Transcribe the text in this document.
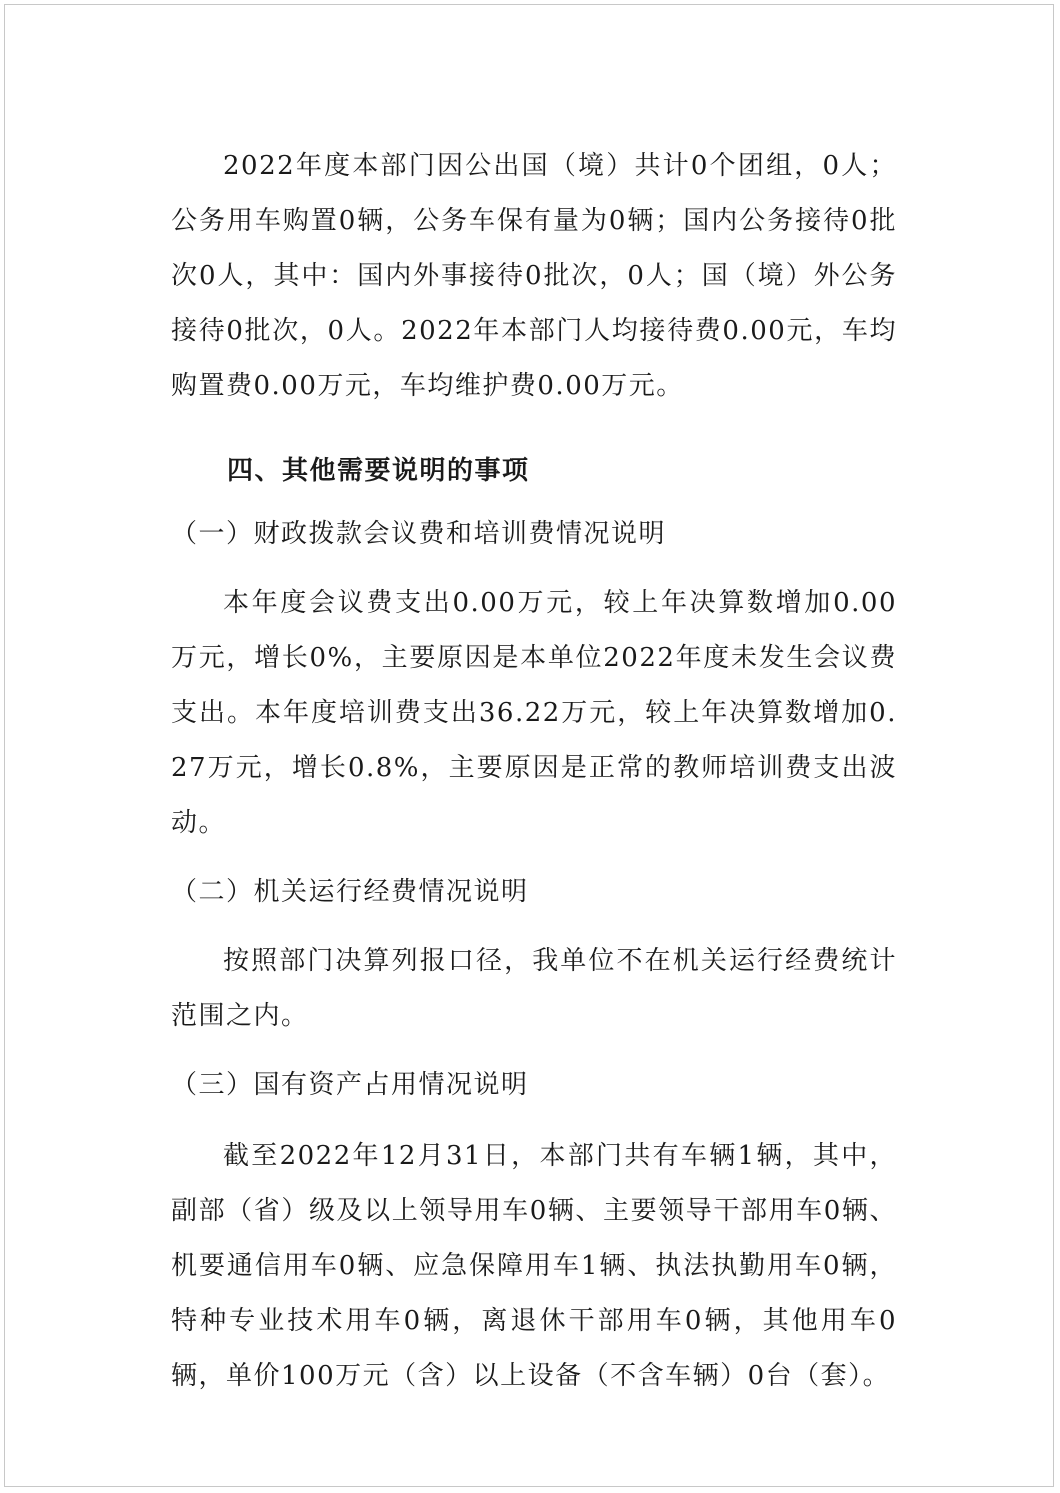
2022年度本部门因公出国（境）共计0个团组，0人；公务用车购置0辆，公务车保有量为0辆；国内公务接待0批次0人，其中：国内外事接待0批次，0人；国（境）外公务接待0批次，0人。2022年本部门人均接待费0.00元，车均购置费0.00万元，车均维护费0.00万元。

四、其他需要说明的事项

（一）财政拨款会议费和培训费情况说明

本年度会议费支出0.00万元，较上年决算数增加0.00万元，增长0%，主要原因是本单位2022年度未发生会议费支出。本年度培训费支出36.22万元，较上年决算数增加0.27万元，增长0.8%，主要原因是正常的教师培训费支出波动。

（二）机关运行经费情况说明

按照部门决算列报口径，我单位不在机关运行经费统计范围之内。

（三）国有资产占用情况说明

截至2022年12月31日，本部门共有车辆1辆，其中，副部（省）级及以上领导用车0辆、主要领导干部用车0辆、机要通信用车0辆、应急保障用车1辆、执法执勤用车0辆，特种专业技术用车0辆，离退休干部用车0辆，其他用车0辆，单价100万元（含）以上设备（不含车辆）0台（套）。
